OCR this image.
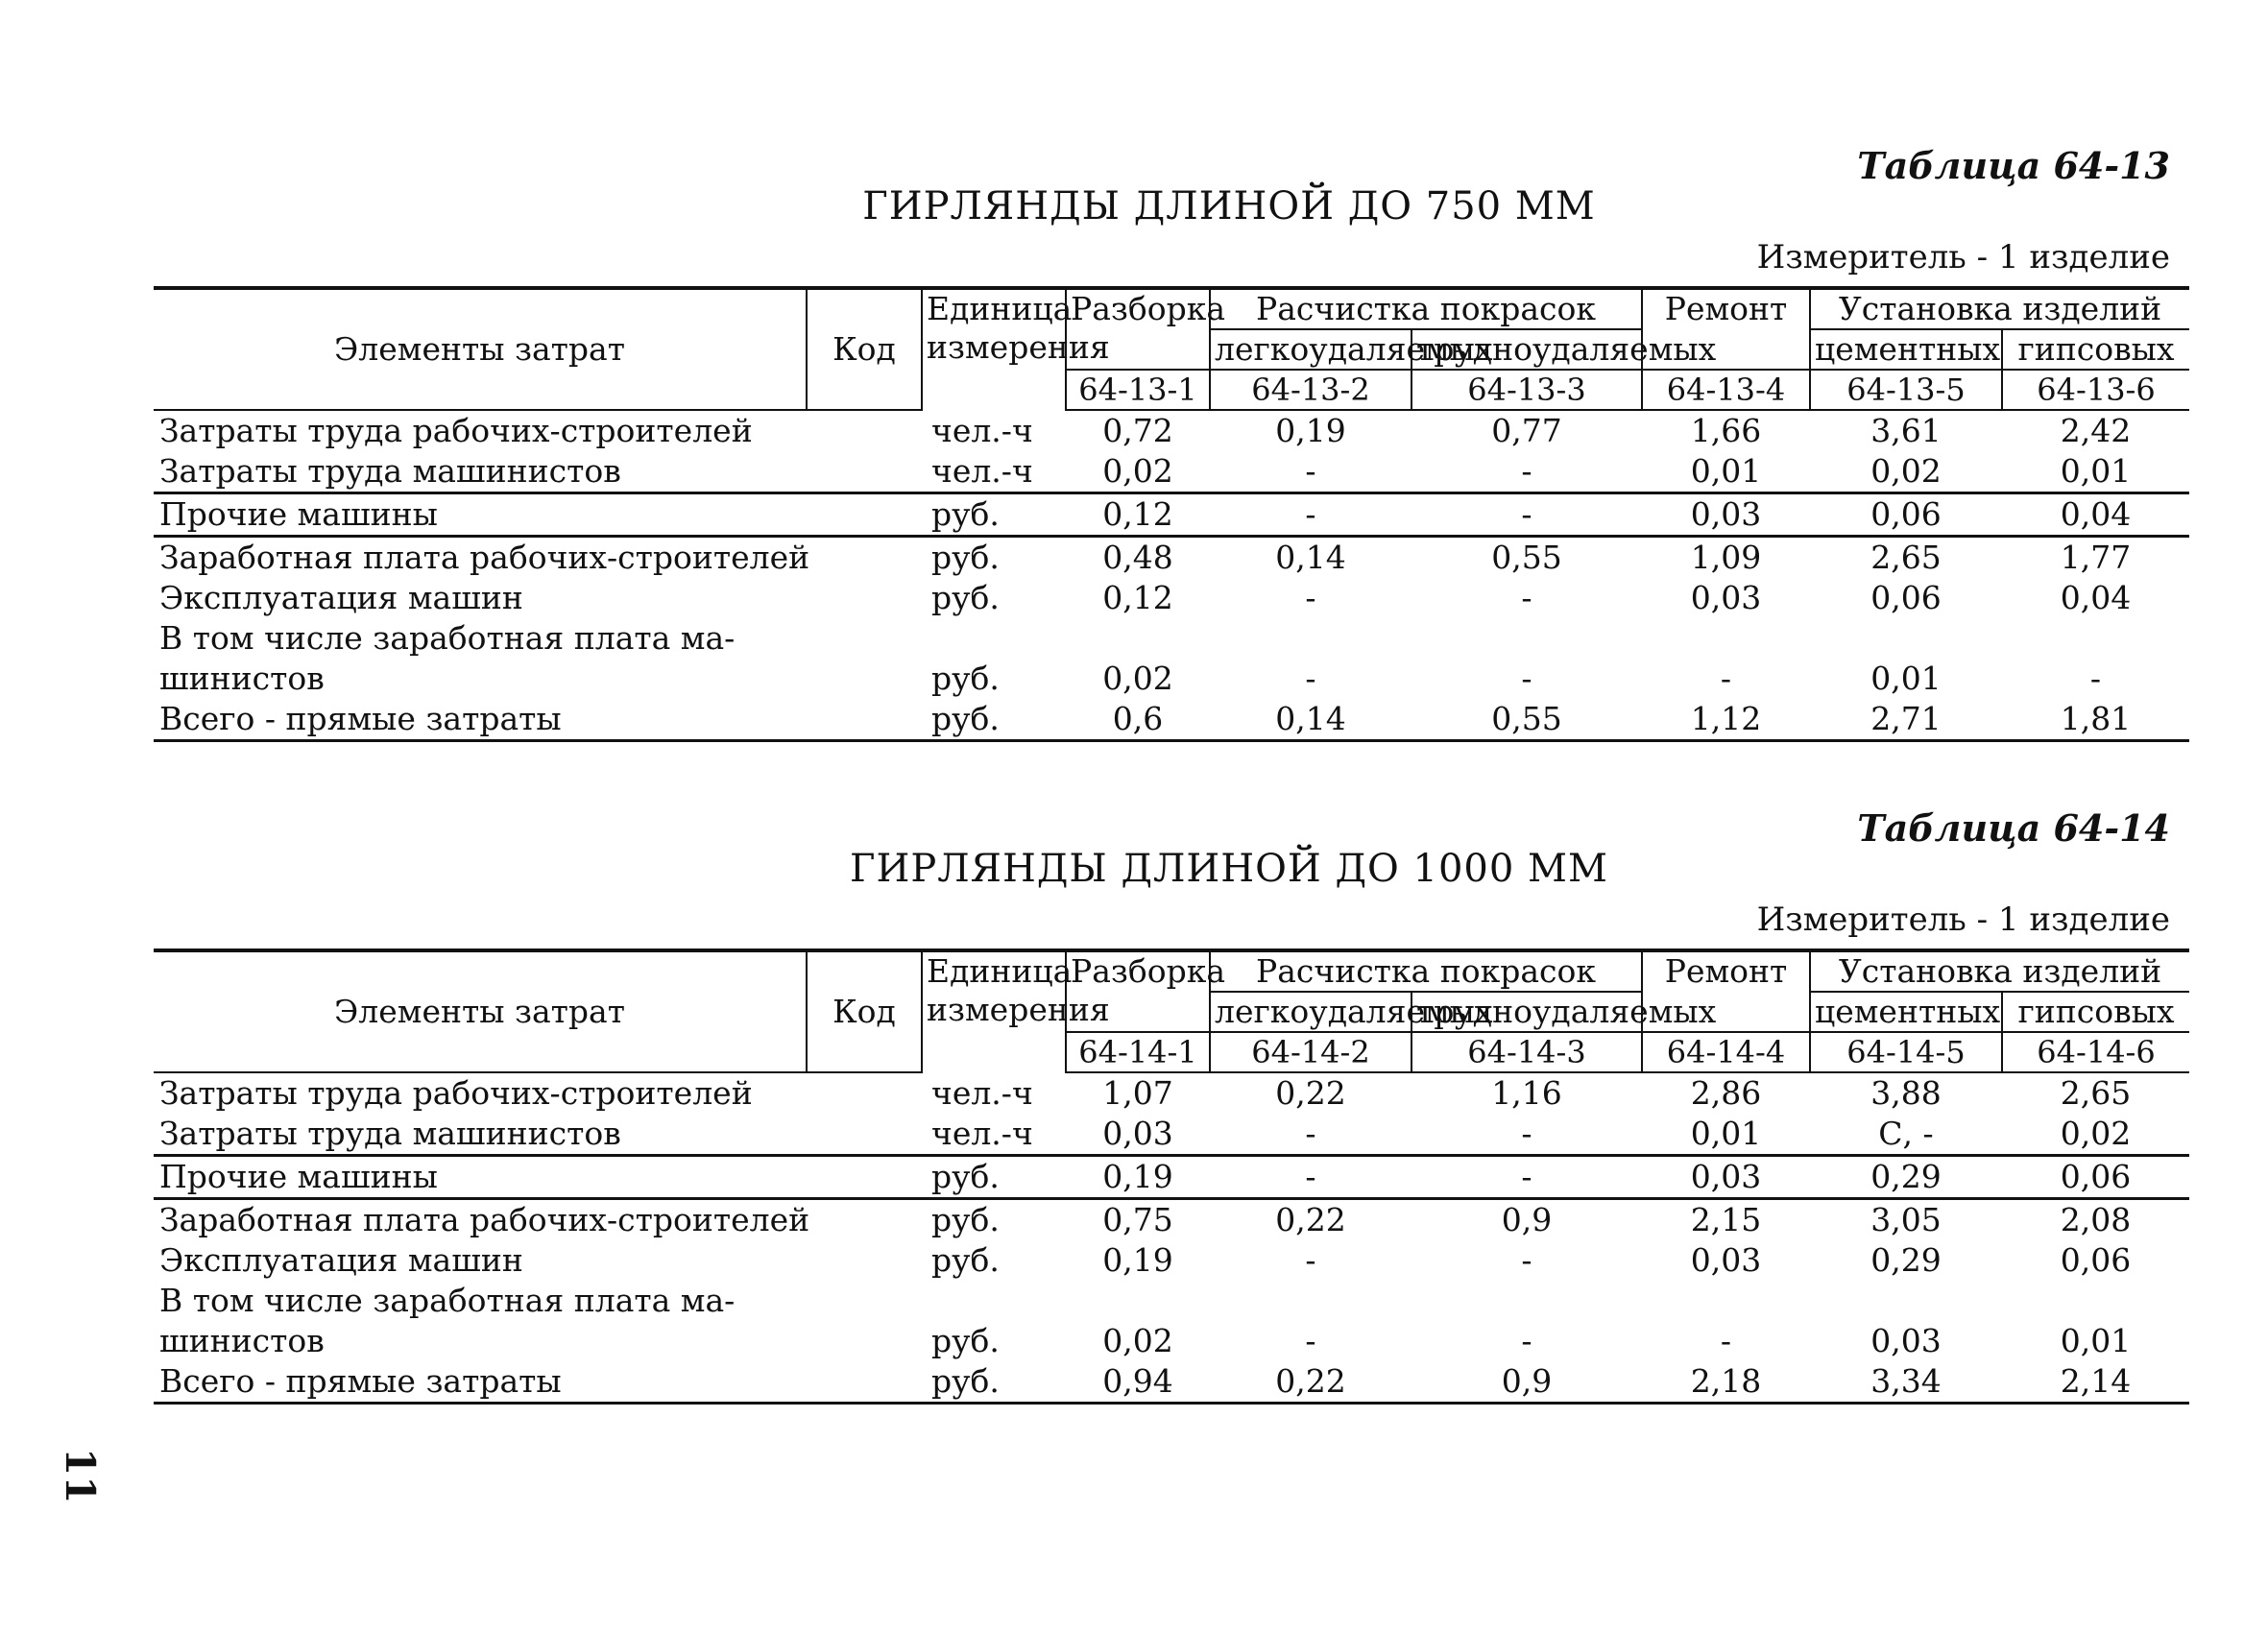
11
Таблица 64-13
ГИРЛЯНДЫ ДЛИНОЙ ДО 750 ММ
Измеритель - 1 изделие
Элементы затрат	Код	Единица измерения	Разборка	Расчистка покрасок		Ремонт	Установка изделий	
				легкоудаляемых	трудноудаляемых		цементных	гипсовых
			64-13-1	64-13-2	64-13-3	64-13-4	64-13-5	64-13-6
Затраты труда рабочих-строителей		чел.-ч	0,72	0,19	0,77	1,66	3,61	2,42
Затраты труда машинистов		чел.-ч	0,02	-	-	0,01	0,02	0,01
Прочие машины		руб.	0,12	-	-	0,03	0,06	0,04
Заработная плата рабочих-строителей		руб.	0,48	0,14	0,55	1,09	2,65	1,77
Эксплуатация машин		руб.	0,12	-	-	0,03	0,06	0,04
В том числе заработная плата ма-								
шинистов		руб.	0,02	-	-	-	0,01	-
Всего - прямые затраты		руб.	0,6	0,14	0,55	1,12	2,71	1,81
Таблица 64-14
ГИРЛЯНДЫ ДЛИНОЙ ДО 1000 ММ
Измеритель - 1 изделие
Элементы затрат	Код	Единица измерения	Разборка	Расчистка покрасок		Ремонт	Установка изделий	
				легкоудаляемых	трудноудаляемых		цементных	гипсовых
			64-14-1	64-14-2	64-14-3	64-14-4	64-14-5	64-14-6
Затраты труда рабочих-строителей		чел.-ч	1,07	0,22	1,16	2,86	3,88	2,65
Затраты труда машинистов		чел.-ч	0,03	-	-	0,01	С, -	0,02
Прочие машины		руб.	0,19	-	-	0,03	0,29	0,06
Заработная плата рабочих-строителей		руб.	0,75	0,22	0,9	2,15	3,05	2,08
Эксплуатация машин		руб.	0,19	-	-	0,03	0,29	0,06
В том числе заработная плата ма-								
шинистов		руб.	0,02	-	-	-	0,03	0,01
Всего - прямые затраты		руб.	0,94	0,22	0,9	2,18	3,34	2,14
